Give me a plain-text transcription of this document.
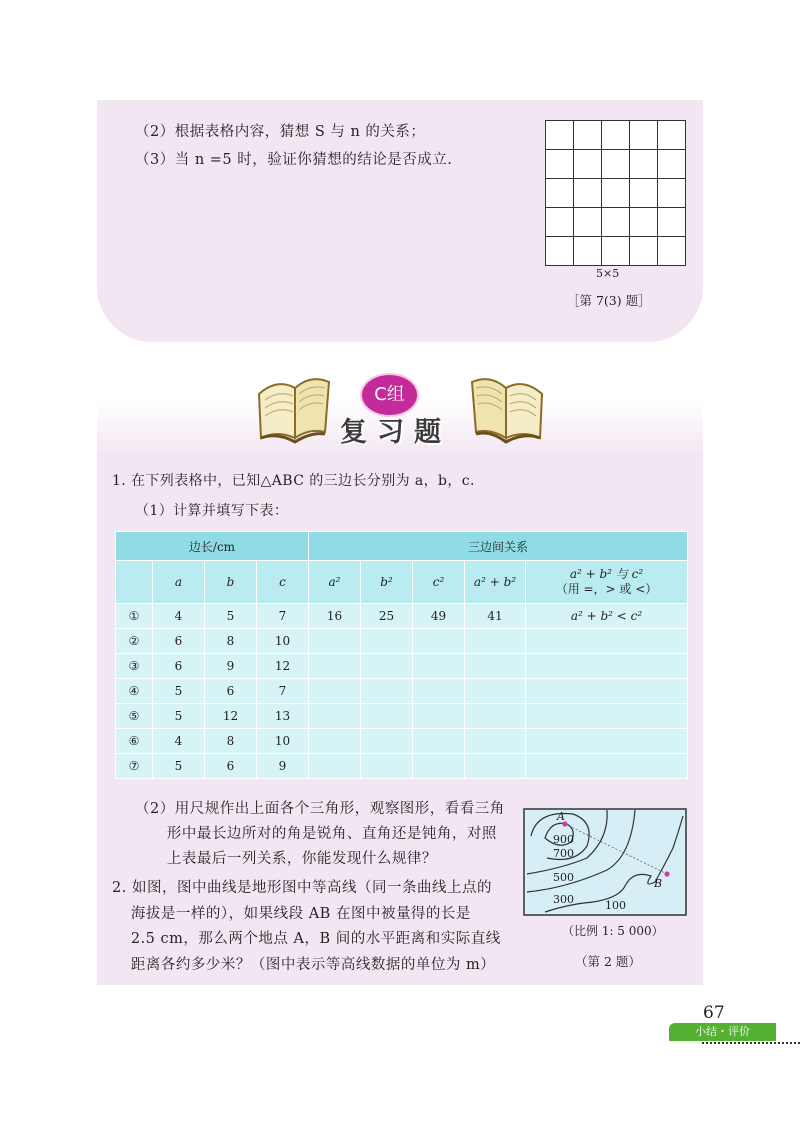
（2）根据表格内容，猜想 S 与 n 的关系；
（3）当 n =5 时，验证你猜想的结论是否成立.

5×5
［第 7(3) 题］
C组
复习题
1. 在下列表格中，已知△ABC 的三边长分别为 a，b，c.
（1）计算并填写下表：
边长/cm				三边间关系				
	a	b	c	a²	b²	c²	a² + b²	a² + b² 与 c²
（用 =，> 或 <）

①	4	5	7	16	25	49	41	a² + b² < c²
②	6	8	10					
③	6	9	12					
④	5	6	7					
⑤	5	12	13					
⑥	4	8	10					
⑦	5	6	9					
（2）用尺规作出上面各个三角形，观察图形，看看三角
形中最长边所对的角是锐角、直角还是钝角，对照
上表最后一列关系，你能发现什么规律？
2. 如图，图中曲线是地形图中等高线（同一条曲线上点的
海拔是一样的），如果线段 AB 在图中被量得的长是
2.5 cm，那么两个地点 A，B 间的水平距离和实际直线
距离各约多少米？（图中表示等高线数据的单位为 m）
A
B
900
700
500
300	100
（比例 1: 5 000）
（第 2 题）
67
小结・评价
